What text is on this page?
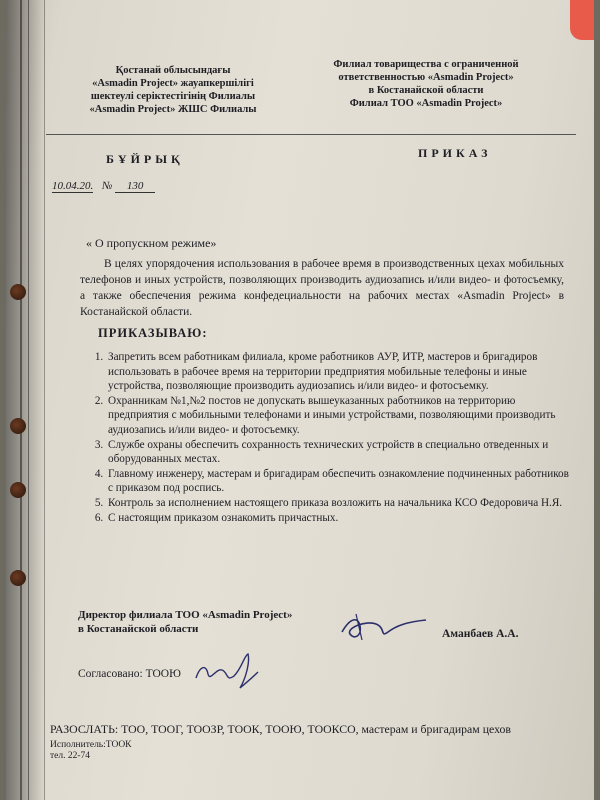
Қостанай облысындағы
«Asmadin Project» жауапкершілігі
шектеулі серіктестігінің Филиалы
«Asmadin Project» ЖШС Филиалы
Филиал товарищества с ограниченной
ответственностью «Asmadin Project»
в Костанайской области
Филиал ТОО «Asmadin Project»
БҰЙРЫҚ	ПРИКАЗ
10.04.20. № 130
« О пропускном режиме»

В целях упорядочения использования в рабочее время в производственных цехах мобильных телефонов и иных устройств, позволяющих производить аудиозапись и/или видео- и фотосъемку, а также обеспечения режима конфедециальности на рабочих местах «Asmadin Project» в Костанайской области.

ПРИКАЗЫВАЮ:
1. Запретить всем работникам филиала, кроме работников АУР, ИТР, мастеров и бригадиров использовать в рабочее время на территории предприятия мобильные телефоны и иные устройства, позволяющие производить аудиозапись и/или видео- и фотосъемку.
2. Охранникам №1,№2 постов не допускать вышеуказанных работников на территорию предприятия с мобильными телефонами и иными устройствами, позволяющими производить аудиозапись и/или видео- и фотосъемку.
3. Службе охраны обеспечить сохранность технических устройств в специально отведенных и оборудованных местах.
4. Главному инженеру, мастерам и бригадирам обеспечить ознакомление подчиненных работников с приказом под роспись.
5. Контроль за исполнением настоящего приказа возложить на начальника КСО Федоровича Н.Я.
6. С настоящим приказом ознакомить причастных.
Директор филиала ТОО «Asmadin Project»
в Костанайской области	Аманбаев А.А.
Согласовано: ТООЮ
РАЗОСЛАТЬ: ТОО, ТООГ, ТООЗР, ТООК, ТООЮ, ТООКСО, мастерам и бригадирам цехов
Исполнитель:ТООК
тел. 22-74
